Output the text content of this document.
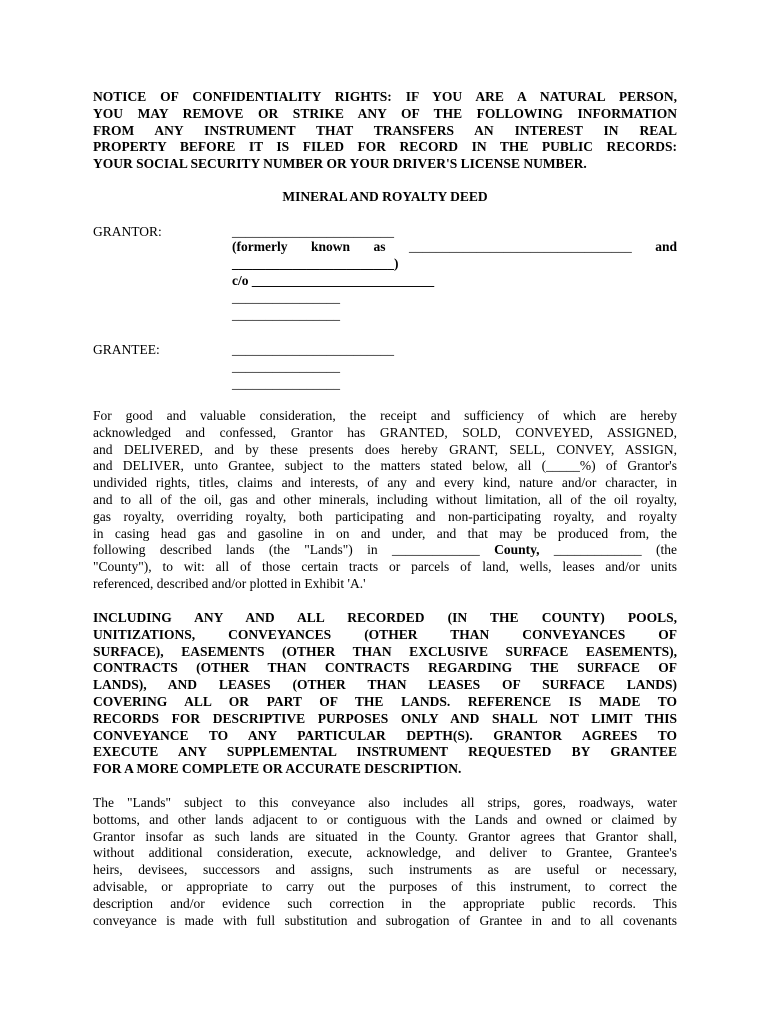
NOTICE OF CONFIDENTIALITY RIGHTS: IF YOU ARE A NATURAL PERSON,

YOU MAY REMOVE OR STRIKE ANY OF THE FOLLOWING INFORMATION

FROM ANY INSTRUMENT THAT TRANSFERS AN INTEREST IN REAL

PROPERTY BEFORE IT IS FILED FOR RECORD IN THE PUBLIC RECORDS:

YOUR SOCIAL SECURITY NUMBER OR YOUR DRIVER'S LICENSE NUMBER.

MINERAL AND ROYALTY DEED
GRANTOR:	________________________

(formerly known as _________________________________ and

________________________)

c/o ___________________________

________________

________________

GRANTEE:	________________________

________________

________________

For good and valuable consideration, the receipt and sufficiency of which are hereby

acknowledged and confessed, Grantor has GRANTED, SOLD, CONVEYED, ASSIGNED,

and DELIVERED, and by these presents does hereby GRANT, SELL, CONVEY, ASSIGN,

and DELIVER, unto Grantee, subject to the matters stated below, all (_____%) of Grantor's

undivided rights, titles, claims and interests, of any and every kind, nature and/or character, in

and to all of the oil, gas and other minerals, including without limitation, all of the oil royalty,

gas royalty, overriding royalty, both participating and non-participating royalty, and royalty

in casing head gas and gasoline in on and under, and that may be produced from, the

following described lands (the "Lands") in _____________ County, _____________ (the

"County"), to wit: all of those certain tracts or parcels of land, wells, leases and/or units

referenced, described and/or plotted in Exhibit 'A.'

INCLUDING ANY AND ALL RECORDED (IN THE COUNTY) POOLS,

UNITIZATIONS, CONVEYANCES (OTHER THAN CONVEYANCES OF

SURFACE), EASEMENTS (OTHER THAN EXCLUSIVE SURFACE EASEMENTS),

CONTRACTS (OTHER THAN CONTRACTS REGARDING THE SURFACE OF

LANDS), AND LEASES (OTHER THAN LEASES OF SURFACE LANDS)

COVERING ALL OR PART OF THE LANDS. REFERENCE IS MADE TO

RECORDS FOR DESCRIPTIVE PURPOSES ONLY AND SHALL NOT LIMIT THIS

CONVEYANCE TO ANY PARTICULAR DEPTH(S). GRANTOR AGREES TO

EXECUTE ANY SUPPLEMENTAL INSTRUMENT REQUESTED BY GRANTEE

FOR A MORE COMPLETE OR ACCURATE DESCRIPTION.

The "Lands" subject to this conveyance also includes all strips, gores, roadways, water

bottoms, and other lands adjacent to or contiguous with the Lands and owned or claimed by

Grantor insofar as such lands are situated in the County. Grantor agrees that Grantor shall,

without additional consideration, execute, acknowledge, and deliver to Grantee, Grantee's

heirs, devisees, successors and assigns, such instruments as are useful or necessary,

advisable, or appropriate to carry out the purposes of this instrument, to correct the

description and/or evidence such correction in the appropriate public records. This

conveyance is made with full substitution and subrogation of Grantee in and to all covenants
